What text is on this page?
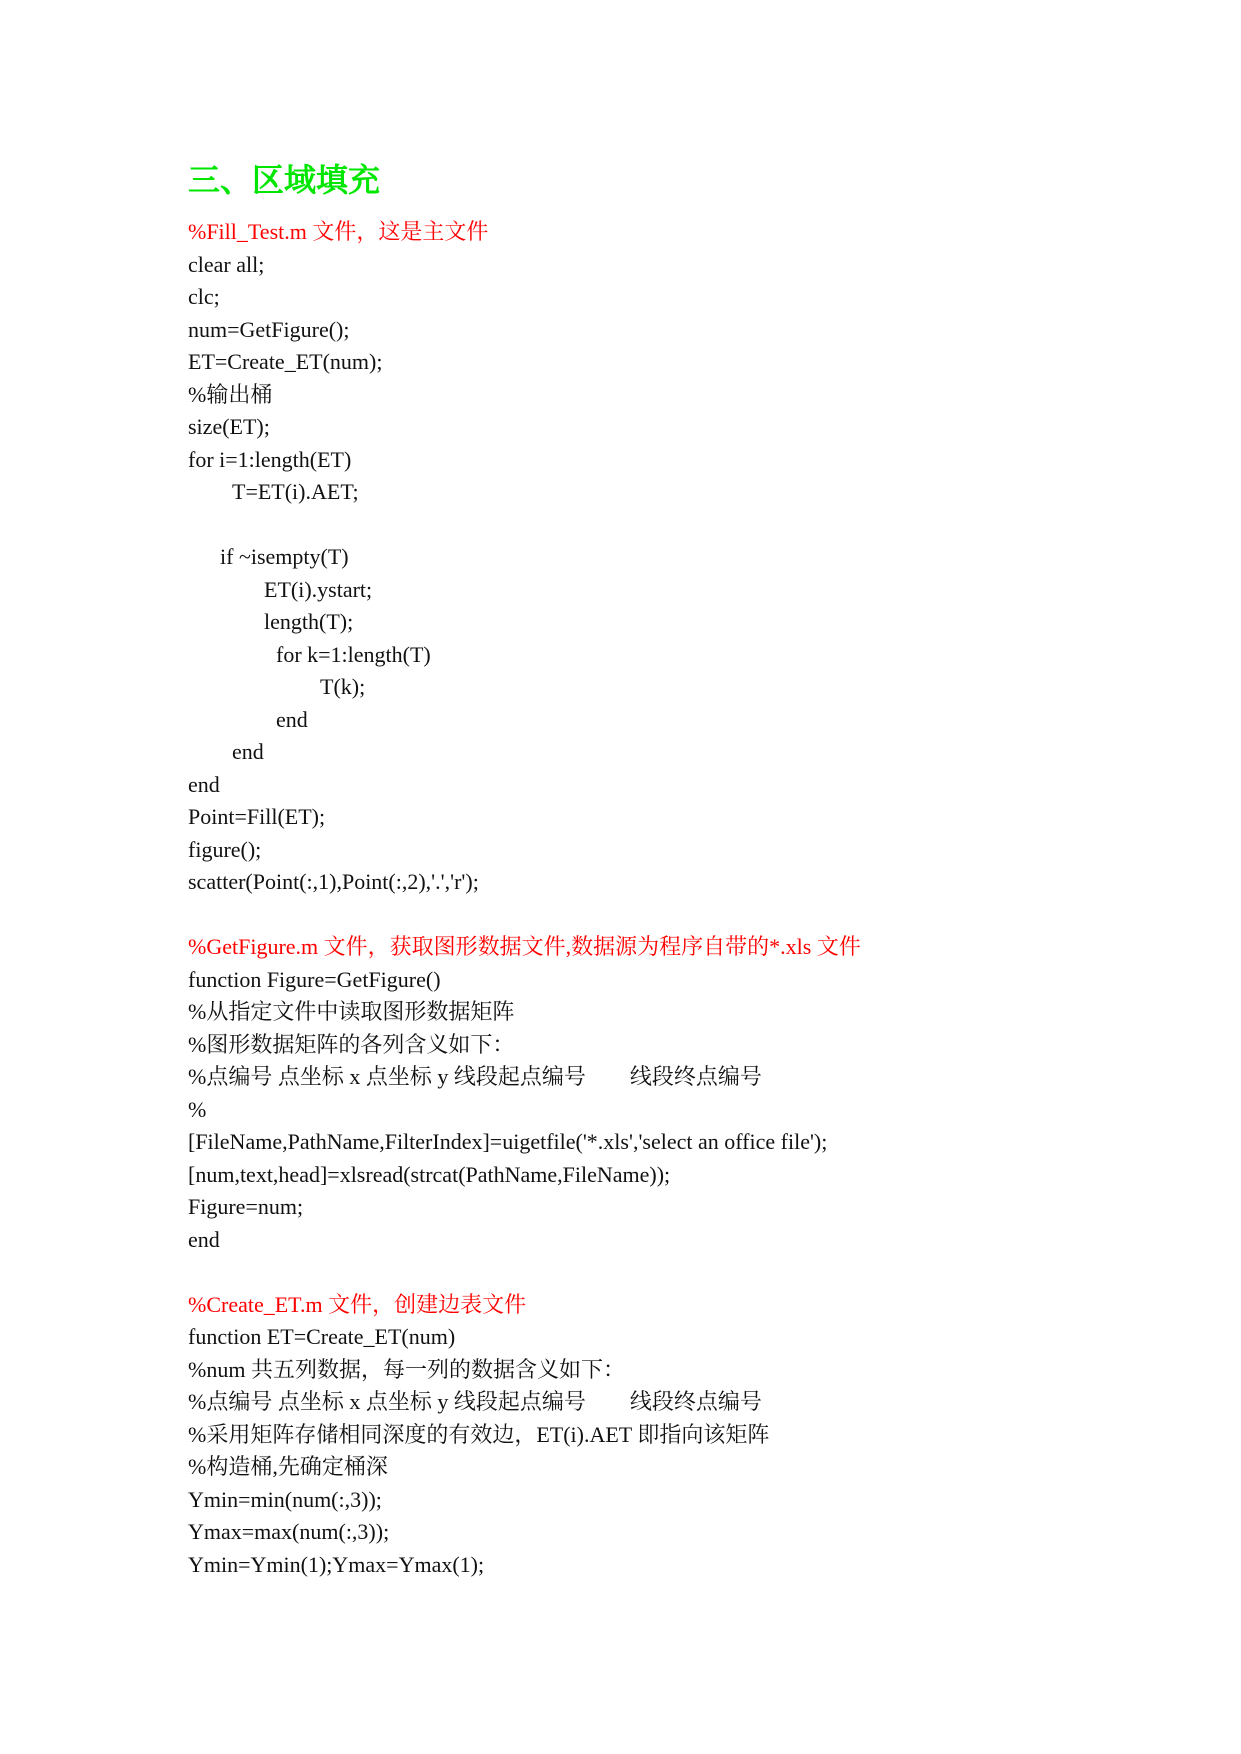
三、区域填充
%Fill_Test.m 文件，这是主文件
clear all;
clc;
num=GetFigure();
ET=Create_ET(num);
%输出桶
size(ET);
for i=1:length(ET)
T=ET(i).AET;
if ~isempty(T)
ET(i).ystart;
length(T);
for k=1:length(T)
T(k);
end
end
end
Point=Fill(ET);
figure();
scatter(Point(:,1),Point(:,2),'.','r');
%GetFigure.m 文件，获取图形数据文件,数据源为程序自带的*.xls 文件
function Figure=GetFigure()
%从指定文件中读取图形数据矩阵
%图形数据矩阵的各列含义如下：
%点编号 点坐标 x 点坐标 y 线段起点编号        线段终点编号
%
[FileName,PathName,FilterIndex]=uigetfile('*.xls','select an office file');
[num,text,head]=xlsread(strcat(PathName,FileName));
Figure=num;
end
%Create_ET.m 文件，创建边表文件
function ET=Create_ET(num)
%num 共五列数据，每一列的数据含义如下：
%点编号 点坐标 x 点坐标 y 线段起点编号        线段终点编号
%采用矩阵存储相同深度的有效边，ET(i).AET 即指向该矩阵
%构造桶,先确定桶深
Ymin=min(num(:,3));
Ymax=max(num(:,3));
Ymin=Ymin(1);Ymax=Ymax(1);
